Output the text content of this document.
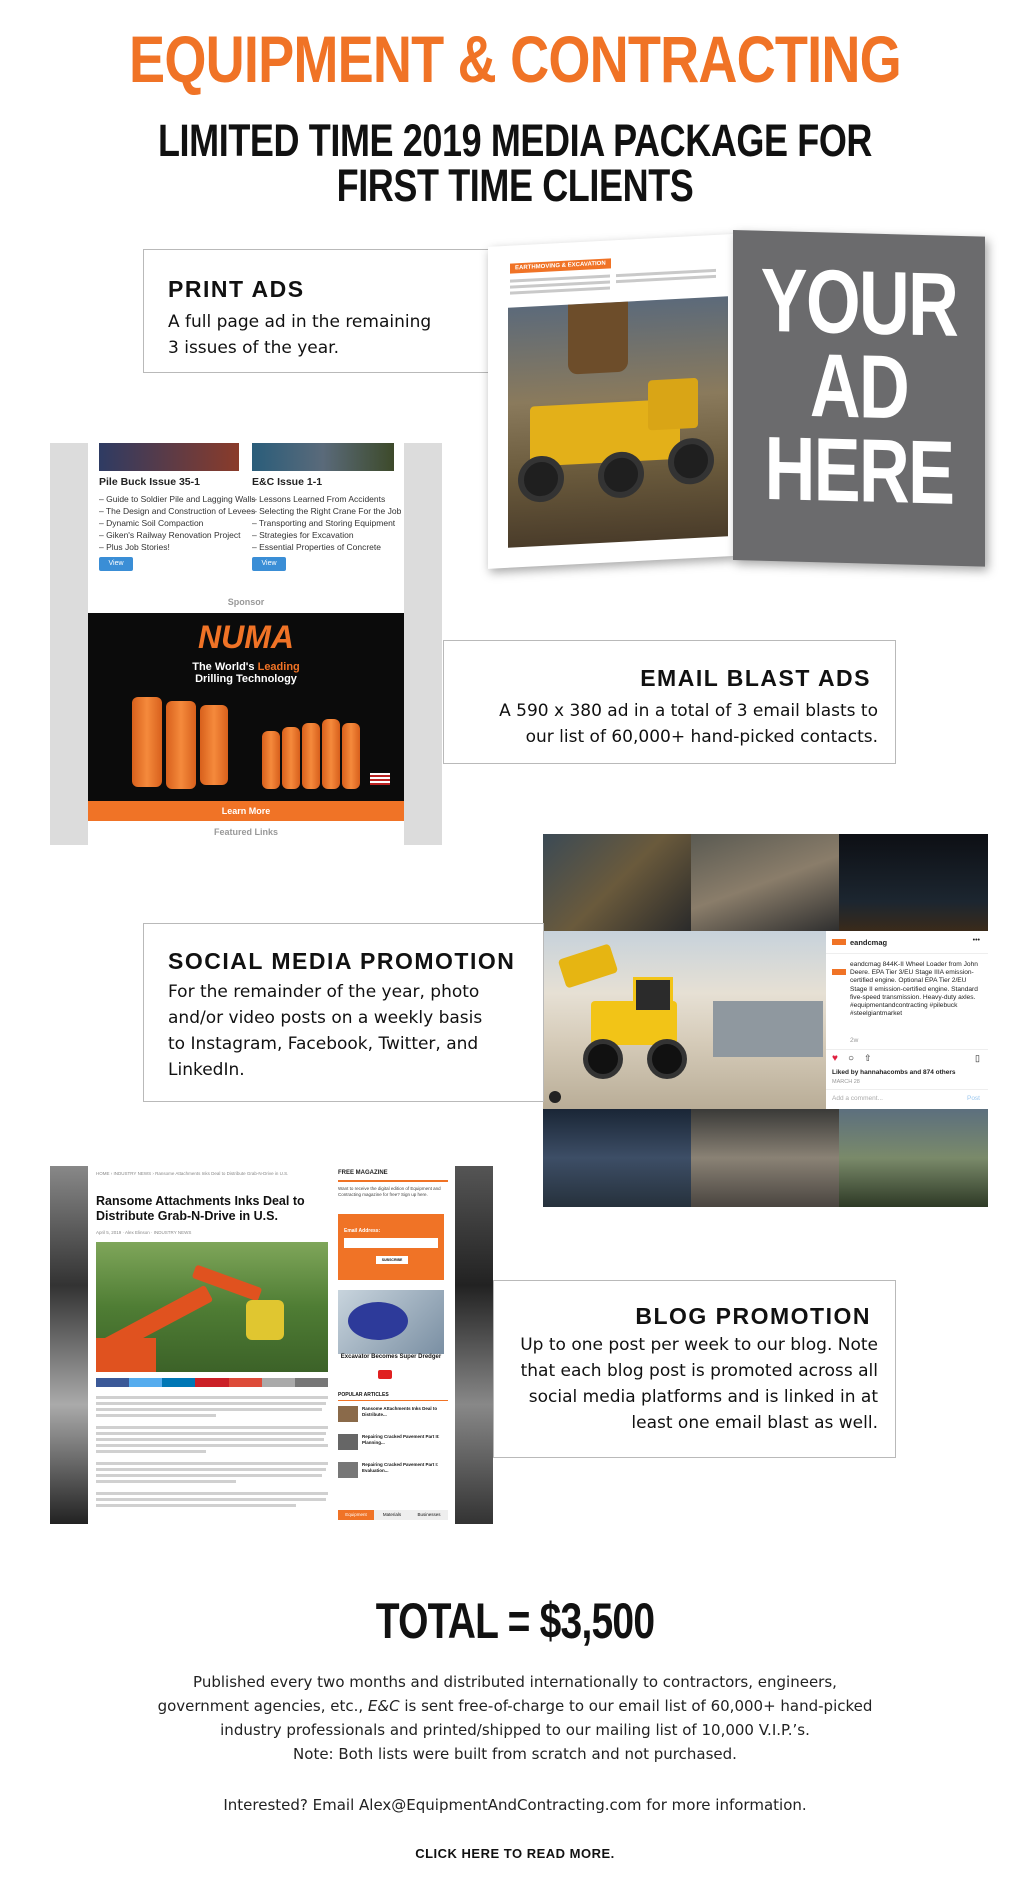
EQUIPMENT & CONTRACTING
LIMITED TIME 2019 MEDIA PACKAGE FOR FIRST TIME CLIENTS
PRINT ADS

A full page ad in the remaining 3 issues of the year.

EARTHMOVING & EXCAVATION YOUR AD HERE
Pile Buck Issue 35-1
– Guide to Soldier Pile and Lagging Walls
– The Design and Construction of Levees
– Dynamic Soil Compaction
– Giken's Railway Renovation Project
– Plus Job Stories!
View
E&C Issue 1-1
– Lessons Learned From Accidents
– Selecting the Right Crane For the Job
– Transporting and Storing Equipment
– Strategies for Excavation
– Essential Properties of Concrete
View
Sponsor
NUMA
The World's Leading
Drilling Technology
Learn More
Featured Links
EMAIL BLAST ADS

A 590 x 380 ad in a total of 3 email blasts to our list of 60,000+ hand-picked contacts.

eandcmag	•••
eandcmag 844K-II Wheel Loader from John Deere. EPA Tier 3/EU Stage IIIA emission-certified engine. Optional EPA Tier 2/EU Stage II emission-certified engine. Standard five-speed transmission. Heavy-duty axles. #equipmentandcontracting #pilebuck #steelgiantmarket
2w
♥ ○ ⇧	▯
Liked by hannahacombs and 874 others
MARCH 28
Add a comment...	Post
SOCIAL MEDIA PROMOTION

For the remainder of the year, photo and/or video posts on a weekly basis to Instagram, Facebook, Twitter, and LinkedIn.

HOME › INDUSTRY NEWS › Ransome Attachments Inks Deal to Distribute Grab-N-Drive in U.S.
Ransome Attachments Inks Deal to Distribute Grab-N-Drive in U.S.
April 5, 2019 · Alex Elinson · INDUSTRY NEWS
FREE MAGAZINE
Want to receive the digital edition of Equipment and Contracting magazine for free? Sign up here.
Email Address:
SUBSCRIBE
Excavator Becomes Super Dredger
POPULAR ARTICLES
Ransome Attachments Inks Deal to Distribute...
Repairing Cracked Pavement Part II: Planning...
Repairing Cracked Pavement Part I: Evaluation...
Equipment	Materials	Businesses
BLOG PROMOTION

Up to one post per week to our blog. Note that each blog post is promoted across all social media platforms and is linked in at least one email blast as well.

TOTAL = $3,500
Published every two months and distributed internationally to contractors, engineers,
government agencies, etc., E&C is sent free-of-charge to our email list of 60,000+ hand-picked
industry professionals and printed/shipped to our mailing list of 10,000 V.I.P.’s.
Note: Both lists were built from scratch and not purchased.
Interested? Email Alex@EquipmentAndContracting.com for more information.
CLICK HERE TO READ MORE.
